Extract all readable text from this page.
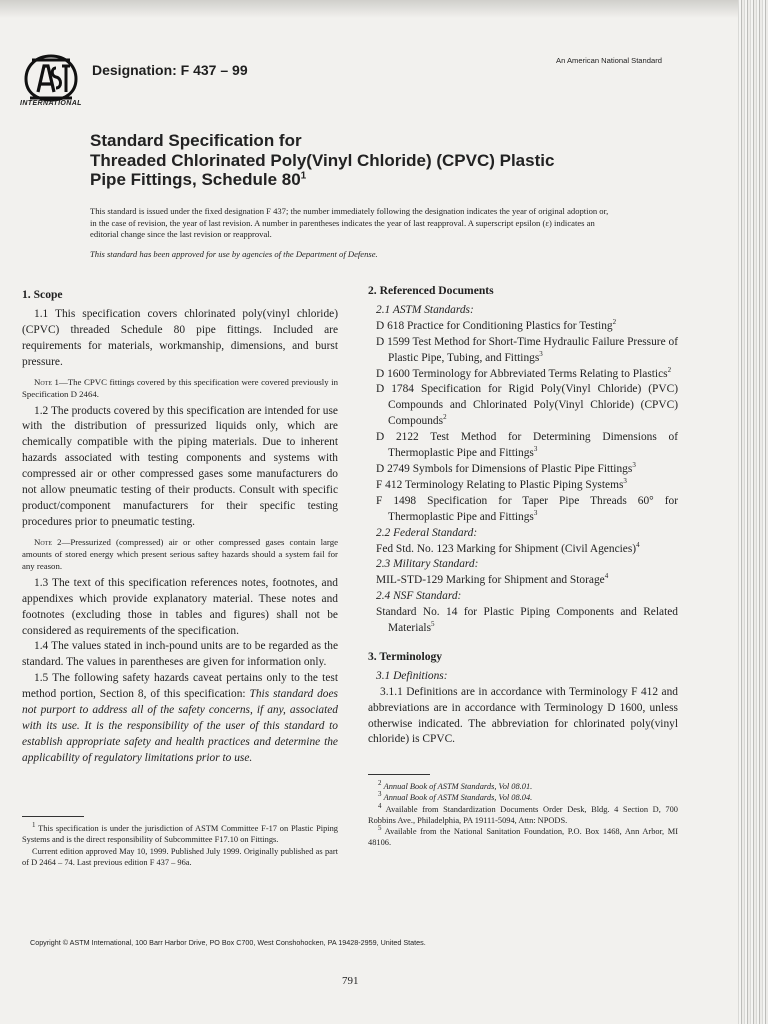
INTERNATIONAL
Designation: F 437 – 99
An American National Standard
Standard Specification for
Threaded Chlorinated Poly(Vinyl Chloride) (CPVC) Plastic
Pipe Fittings, Schedule $80^1$
This standard is issued under the fixed designation F 437; the number immediately following the designation indicates the year of original adoption or, in the case of revision, the year of last revision. A number in parentheses indicates the year of last reapproval. A superscript epsilon (ε) indicates an editorial change since the last revision or reapproval.
This standard has been approved for use by agencies of the Department of Defense.
1. Scope

1.1 This specification covers chlorinated poly(vinyl chloride) (CPVC) threaded Schedule 80 pipe fittings. Included are requirements for materials, workmanship, dimensions, and burst pressure.

Note 1—The CPVC fittings covered by this specification were covered previously in Specification D 2464.

1.2 The products covered by this specification are intended for use with the distribution of pressurized liquids only, which are chemically compatible with the piping materials. Due to inherent hazards associated with testing components and systems with compressed air or other compressed gases some manufacturers do not allow pneumatic testing of their products. Consult with specific product/component manufacturers for their specific testing procedures prior to pneumatic testing.

Note 2—Pressurized (compressed) air or other compressed gases contain large amounts of stored energy which present serious saftey hazards should a system fail for any reason.

1.3 The text of this specification references notes, footnotes, and appendixes which provide explanatory material. These notes and footnotes (excluding those in tables and figures) shall not be considered as requirements of the specification.

1.4 The values stated in inch-pound units are to be regarded as the standard. The values in parentheses are given for information only.

1.5 The following safety hazards caveat pertains only to the test method portion, Section 8, of this specification: This standard does not purport to address all of the safety concerns, if any, associated with its use. It is the responsibility of the user of this standard to establish appropriate safety and health practices and determine the applicability of regulatory limitations prior to use.

$^1$ This specification is under the jurisdiction of ASTM Committee F-17 on Plastic Piping Systems and is the direct responsibility of Subcommittee F17.10 on Fittings.

Current edition approved May 10, 1999. Published July 1999. Originally published as part of D 2464 – 74. Last previous edition F 437 – 96a.

2. Referenced Documents
2.1 ASTM Standards:
D 618 Practice for Conditioning Plastics for Testing$^2$
D 1599 Test Method for Short-Time Hydraulic Failure Pressure of Plastic Pipe, Tubing, and Fittings$^3$
D 1600 Terminology for Abbreviated Terms Relating to Plastics$^2$
D 1784 Specification for Rigid Poly(Vinyl Chloride) (PVC) Compounds and Chlorinated Poly(Vinyl Chloride) (CPVC) Compounds$^2$
D 2122 Test Method for Determining Dimensions of Thermoplastic Pipe and Fittings$^3$
D 2749 Symbols for Dimensions of Plastic Pipe Fittings$^3$
F 412 Terminology Relating to Plastic Piping Systems$^3$
F 1498 Specification for Taper Pipe Threads 60° for Thermoplastic Pipe and Fittings$^3$
2.2 Federal Standard:
Fed Std. No. 123 Marking for Shipment (Civil Agencies)$^4$
2.3 Military Standard:
MIL-STD-129 Marking for Shipment and Storage$^4$
2.4 NSF Standard:
Standard No. 14 for Plastic Piping Components and Related Materials$^5$
3. Terminology
3.1 Definitions:

3.1.1 Definitions are in accordance with Terminology F 412 and abbreviations are in accordance with Terminology D 1600, unless otherwise indicated. The abbreviation for chlorinated poly(vinyl chloride) is CPVC.

$^2$ Annual Book of ASTM Standards, Vol 08.01.

$^3$ Annual Book of ASTM Standards, Vol 08.04.

$^4$ Available from Standardization Documents Order Desk, Bldg. 4 Section D, 700 Robbins Ave., Philadelphia, PA 19111-5094, Attn: NPODS.

$^5$ Available from the National Sanitation Foundation, P.O. Box 1468, Ann Arbor, MI 48106.

Copyright © ASTM International, 100 Barr Harbor Drive, PO Box C700, West Conshohocken, PA 19428-2959, United States.
791
